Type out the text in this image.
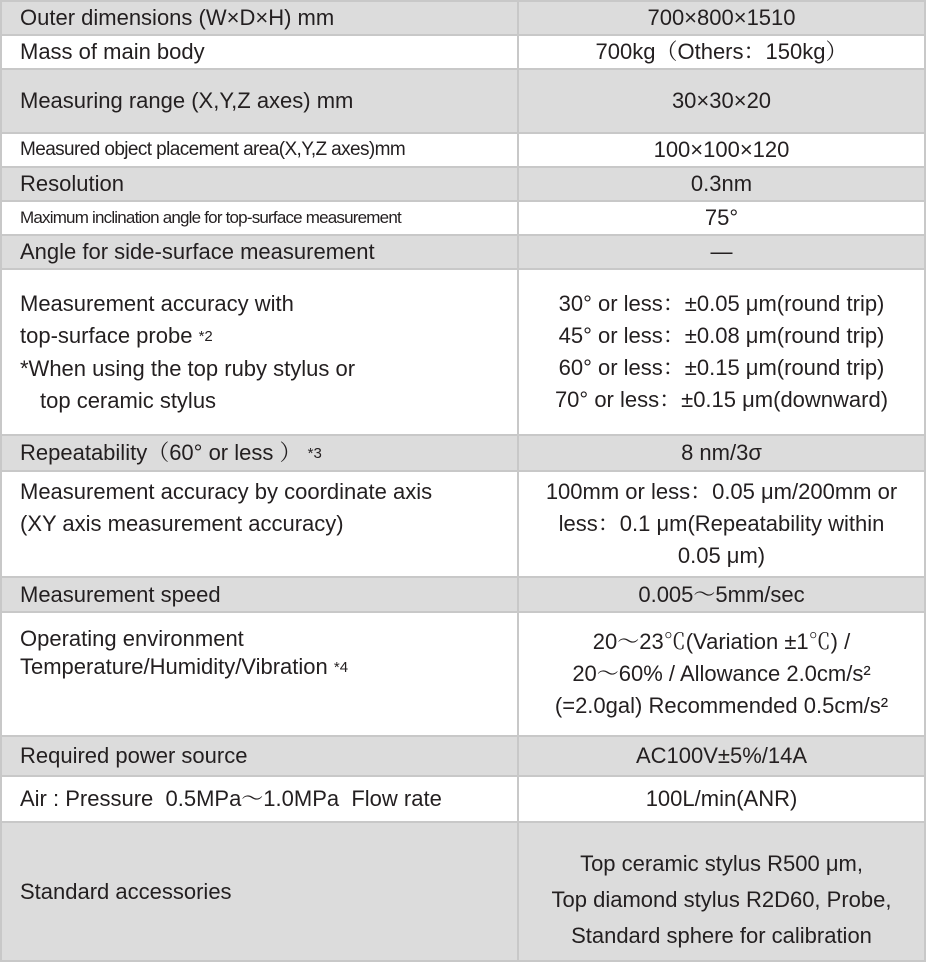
Outer dimensions (W×D×H) mm	700×800×1510
Mass of main body	700kg（Others：150kg）
Measuring range (X,Y,Z axes) mm	30×30×20
Measured object placement area(X,Y,Z axes)mm	100×100×120
Resolution	0.3nm
Maximum inclination angle for top-surface measurement	75°
Angle for side-surface measurement	—

Measurement accuracy with
top-surface probe *2
*When using the top ruby stylus or
top ceramic stylus	30° or less：±0.05 μm(round trip)
45° or less：±0.08 μm(round trip)
60° or less：±0.15 μm(round trip)
70° or less：±0.15 μm(downward)

Repeatability（60° or less ） *3	8 nm/3σ

Measurement accuracy by coordinate axis
(XY axis measurement accuracy)	100mm or less：0.05 μm/200mm or
less：0.1 μm(Repeatability within
0.05 μm)

Measurement speed	0.005～5mm/sec

Operating environment
Temperature/Humidity/Vibration *4	20～23℃(Variation ±1℃) /
20～60% / Allowance 2.0cm/s²
(=2.0gal) Recommended 0.5cm/s²

Required power source	AC100V±5%/14A
Air : Pressure  0.5MPa～1.0MPa  Flow rate	100L/min(ANR)
Standard accessories	Top ceramic stylus R500 μm,
Top diamond stylus R2D60, Probe,
Standard sphere for calibration
